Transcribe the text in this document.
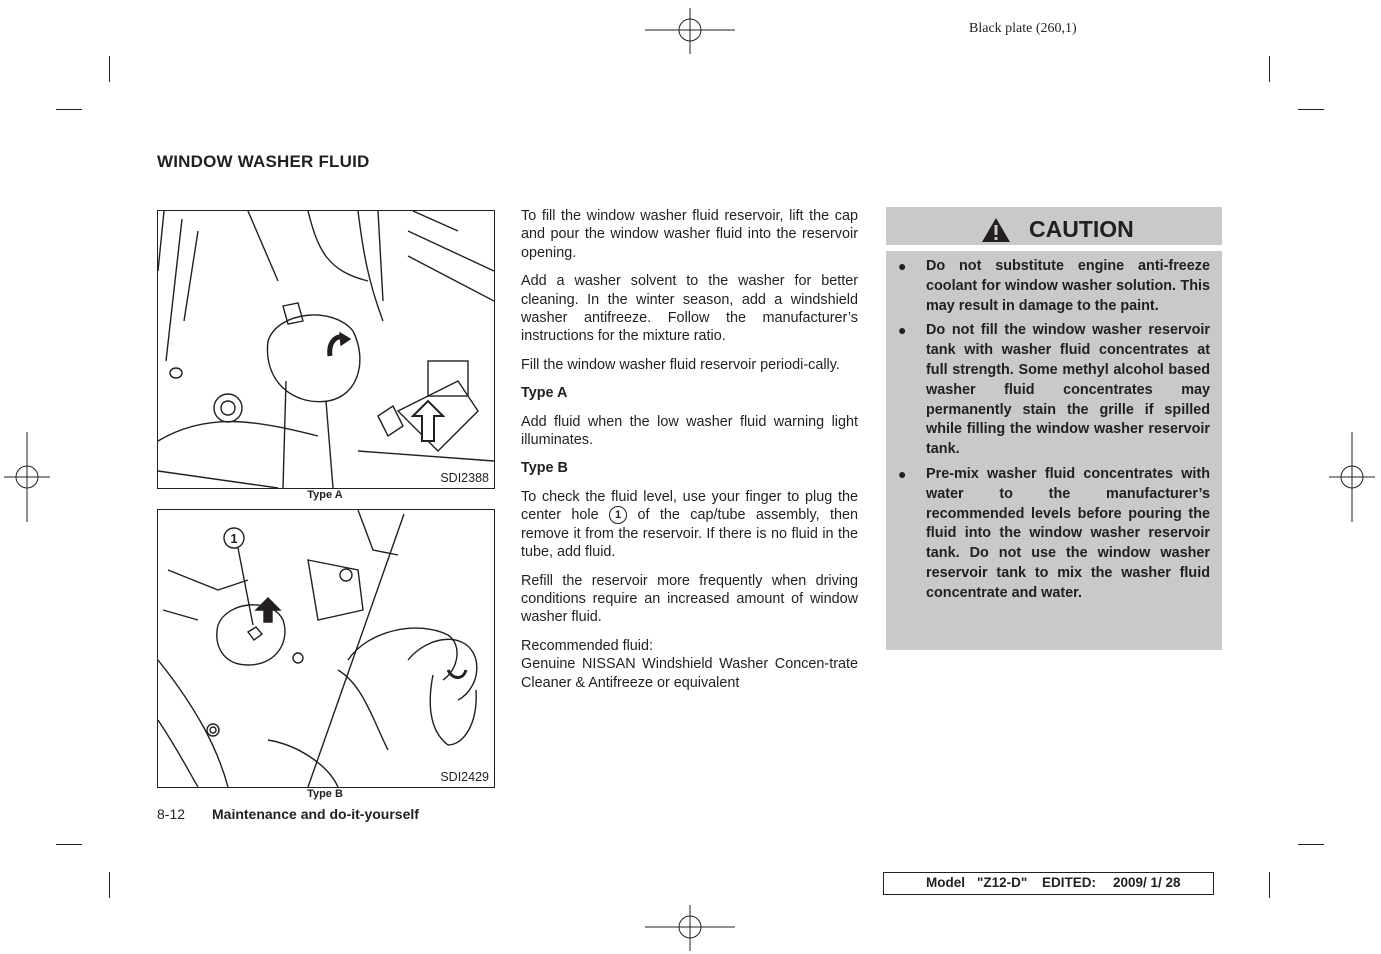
Black plate (260,1)
WINDOW WASHER FLUID
SDI2388
Type A
1
SDI2429
Type B

To fill the window washer fluid reservoir, lift the cap and pour the window washer fluid into the reservoir opening.

Add a washer solvent to the washer for better cleaning. In the winter season, add a windshield washer antifreeze. Follow the manufacturer’s instructions for the mixture ratio.

Fill the window washer fluid reservoir periodi-cally.

Type A

Add fluid when the low washer fluid warning light illuminates.

Type B

To check the fluid level, use your finger to plug the center hole 1 of the cap/tube assembly, then remove it from the reservoir. If there is no fluid in the tube, add fluid.

Refill the reservoir more frequently when driving conditions require an increased amount of window washer fluid.

Recommended fluid:

Genuine NISSAN Windshield Washer Concen-trate Cleaner & Antifreeze or equivalent

CAUTION
● Do not substitute engine anti-freeze coolant for window washer solution. This may result in damage to the paint.
● Do not fill the window washer reservoir tank with washer fluid concentrates at full strength. Some methyl alcohol based washer fluid concentrates may permanently stain the grille if spilled while filling the window washer reservoir tank.
● Pre-mix washer fluid concentrates with water to the manufacturer’s recommended levels before pouring the fluid into the window washer reservoir tank. Do not use the window washer reservoir tank to mix the washer fluid concentrate and water.
8-12 Maintenance and do-it-yourself
Model "Z12-D" EDITED: 2009/ 1/ 28
